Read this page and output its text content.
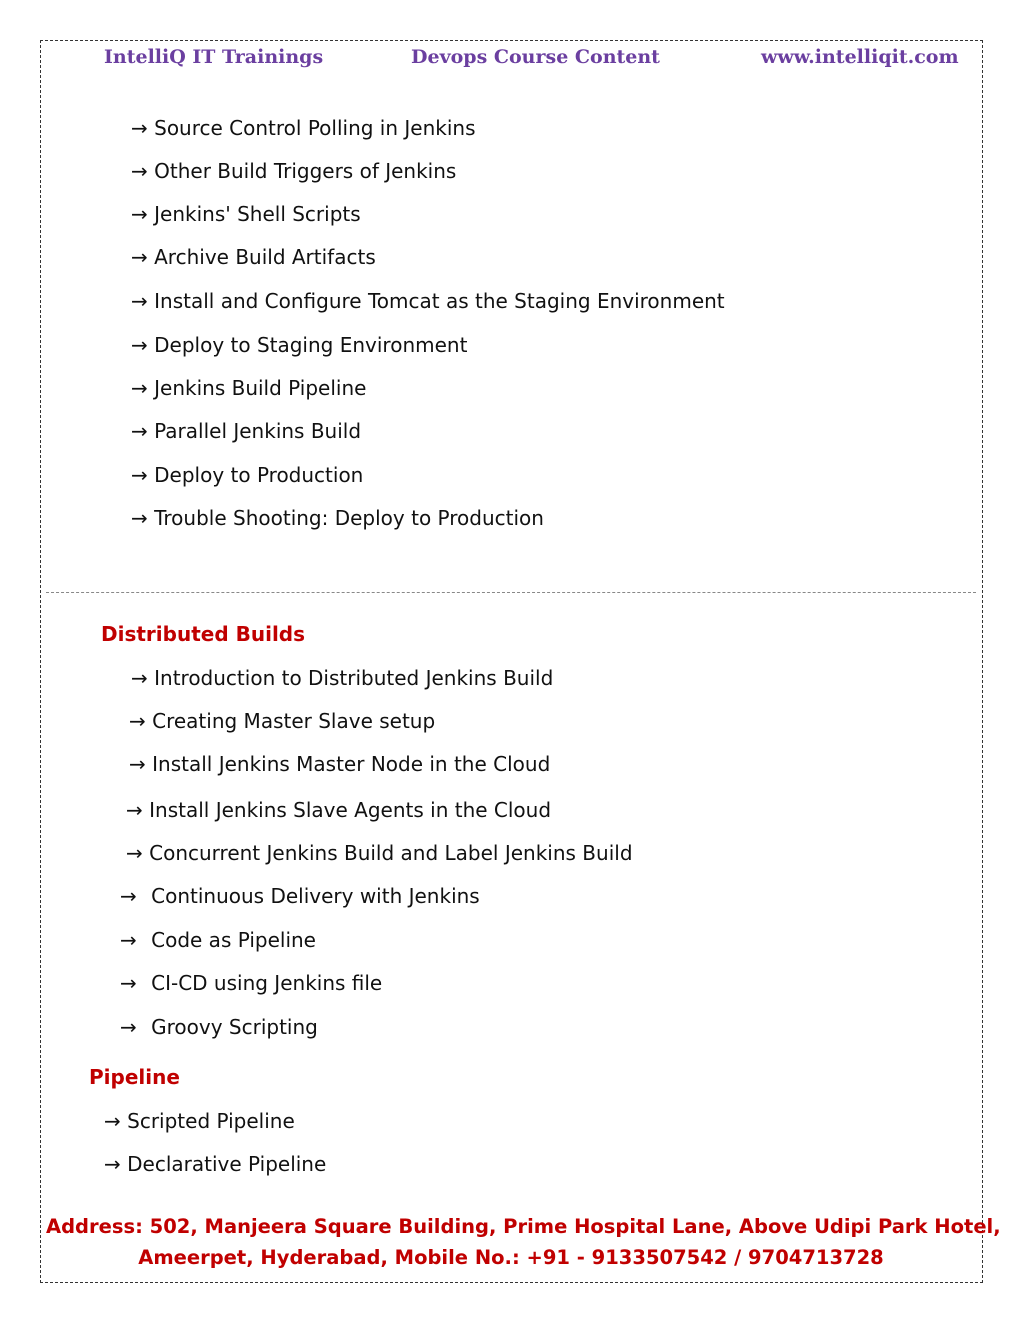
IntelliQ IT Trainings	Devops Course Content	www.intelliqit.com
→ Source Control Polling in Jenkins
→ Other Build Triggers of Jenkins
→ Jenkins' Shell Scripts
→ Archive Build Artifacts
→ Install and Configure Tomcat as the Staging Environment
→ Deploy to Staging Environment
→ Jenkins Build Pipeline
→ Parallel Jenkins Build
→ Deploy to Production
→ Trouble Shooting: Deploy to Production
Distributed Builds
→ Introduction to Distributed Jenkins Build
→ Creating Master Slave setup
→ Install Jenkins Master Node in the Cloud
→ Install Jenkins Slave Agents in the Cloud
→ Concurrent Jenkins Build and Label Jenkins Build
→ Continuous Delivery with Jenkins
→ Code as Pipeline
→ CI-CD using Jenkins file
→ Groovy Scripting
Pipeline
→ Scripted Pipeline
→ Declarative Pipeline
Address: 502, Manjeera Square Building, Prime Hospital Lane, Above Udipi Park Hotel,
Ameerpet, Hyderabad, Mobile No.: +91 - 9133507542 / 9704713728
